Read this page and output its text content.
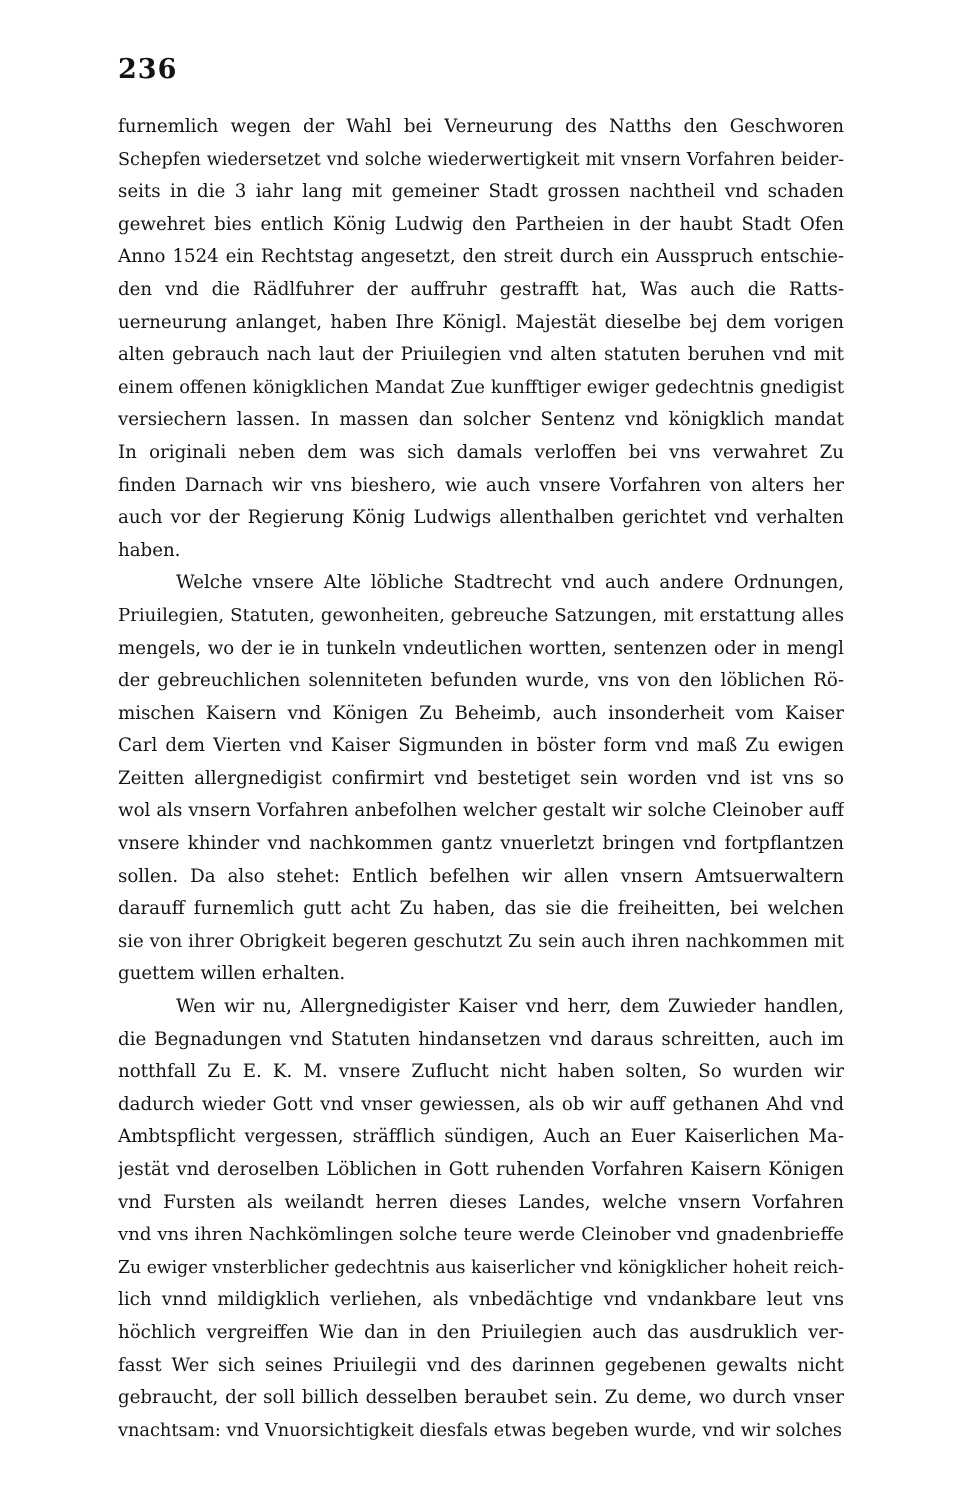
236
furnemlich wegen der Wahl bei Verneurung des Natths den Geschworen
Schepfen wiedersetzet vnd solche wiederwertigkeit mit vnsern Vorfahren beider-
seits in die 3 iahr lang mit gemeiner Stadt grossen nachtheil vnd schaden
gewehret bies entlich König Ludwig den Partheien in der haubt Stadt Ofen
Anno 1524 ein Rechtstag angesetzt, den streit durch ein Ausspruch entschie-
den vnd die Rädlfuhrer der auffruhr gestrafft hat, Was auch die Ratts-
uerneurung anlanget, haben Ihre Königl. Majestät dieselbe bej dem vorigen
alten gebrauch nach laut der Priuilegien vnd alten statuten beruhen vnd mit
einem offenen königklichen Mandat Zue kunfftiger ewiger gedechtnis gnedigist
versiechern lassen. In massen dan solcher Sentenz vnd königklich mandat
In originali neben dem was sich damals verloffen bei vns verwahret Zu
finden Darnach wir vns bieshero, wie auch vnsere Vorfahren von alters her
auch vor der Regierung König Ludwigs allenthalben gerichtet vnd verhalten
haben.
Welche vnsere Alte löbliche Stadtrecht vnd auch andere Ordnungen,
Priuilegien, Statuten, gewonheiten, gebreuche Satzungen, mit erstattung alles
mengels, wo der ie in tunkeln vndeutlichen wortten, sentenzen oder in mengl
der gebreuchlichen solenniteten befunden wurde, vns von den löblichen Rö-
mischen Kaisern vnd Königen Zu Beheimb, auch insonderheit vom Kaiser
Carl dem Vierten vnd Kaiser Sigmunden in böster form vnd maß Zu ewigen
Zeitten allergnedigist confirmirt vnd bestetiget sein worden vnd ist vns so
wol als vnsern Vorfahren anbefolhen welcher gestalt wir solche Cleinober auff
vnsere khinder vnd nachkommen gantz vnuerletzt bringen vnd fortpflantzen
sollen. Da also stehet: Entlich befelhen wir allen vnsern Amtsuerwaltern
darauff furnemlich gutt acht Zu haben, das sie die freiheitten, bei welchen
sie von ihrer Obrigkeit begeren geschutzt Zu sein auch ihren nachkommen mit
guettem willen erhalten.
Wen wir nu, Allergnedigister Kaiser vnd herr, dem Zuwieder handlen,
die Begnadungen vnd Statuten hindansetzen vnd daraus schreitten, auch im
notthfall Zu E. K. M. vnsere Zuflucht nicht haben solten, So wurden wir
dadurch wieder Gott vnd vnser gewiessen, als ob wir auff gethanen Ahd vnd
Ambtspflicht vergessen, sträfflich sündigen, Auch an Euer Kaiserlichen Ma-
jestät vnd deroselben Löblichen in Gott ruhenden Vorfahren Kaisern Königen
vnd Fursten als weilandt herren dieses Landes, welche vnsern Vorfahren
vnd vns ihren Nachkömlingen solche teure werde Cleinober vnd gnadenbrieffe
Zu ewiger vnsterblicher gedechtnis aus kaiserlicher vnd königklicher hoheit reich-
lich vnnd mildigklich verliehen, als vnbedächtige vnd vndankbare leut vns
höchlich vergreiffen Wie dan in den Priuilegien auch das ausdruklich ver-
fasst Wer sich seines Priuilegii vnd des darinnen gegebenen gewalts nicht
gebraucht, der soll billich desselben beraubet sein. Zu deme, wo durch vnser
vnachtsam: vnd Vnuorsichtigkeit diesfals etwas begeben wurde, vnd wir solches
